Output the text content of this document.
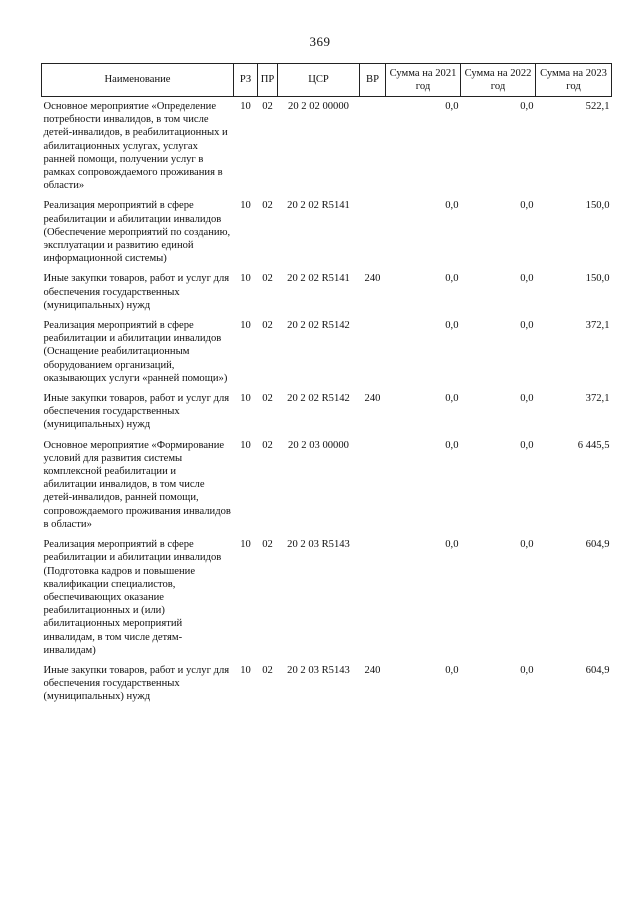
369
Наименование	РЗ	ПР	ЦСР	ВР	Сумма на 2021 год	Сумма на 2022 год	Сумма на 2023 год
Основное мероприятие «Определение потребности инвалидов, в том числе детей-инвалидов, в реабилитационных и абилитационных услугах, услугах ранней помощи, получении услуг в рамках сопровождаемого проживания в области»	10	02	20 2 02 00000		0,0	0,0	522,1
Реализация мероприятий в сфере реабилитации и абилитации инвалидов (Обеспечение мероприятий по созданию, эксплуатации и развитию единой информационной системы)	10	02	20 2 02 R5141		0,0	0,0	150,0
Иные закупки товаров, работ и услуг для обеспечения государственных (муниципальных) нужд	10	02	20 2 02 R5141	240	0,0	0,0	150,0
Реализация мероприятий в сфере реабилитации и абилитации инвалидов (Оснащение реабилитационным оборудованием организаций, оказывающих услуги «ранней помощи»)	10	02	20 2 02 R5142		0,0	0,0	372,1
Иные закупки товаров, работ и услуг для обеспечения государственных (муниципальных) нужд	10	02	20 2 02 R5142	240	0,0	0,0	372,1
Основное мероприятие «Формирование условий для развития системы комплексной реабилитации и абилитации инвалидов, в том числе детей-инвалидов, ранней помощи, сопровождаемого проживания инвалидов в области»	10	02	20 2 03 00000		0,0	0,0	6 445,5
Реализация мероприятий в сфере реабилитации и абилитации инвалидов (Подготовка кадров и повышение квалификации специалистов, обеспечивающих оказание реабилитационных и (или) абилитационных мероприятий инвалидам, в том числе детям-инвалидам)	10	02	20 2 03 R5143		0,0	0,0	604,9
Иные закупки товаров, работ и услуг для обеспечения государственных (муниципальных) нужд	10	02	20 2 03 R5143	240	0,0	0,0	604,9
